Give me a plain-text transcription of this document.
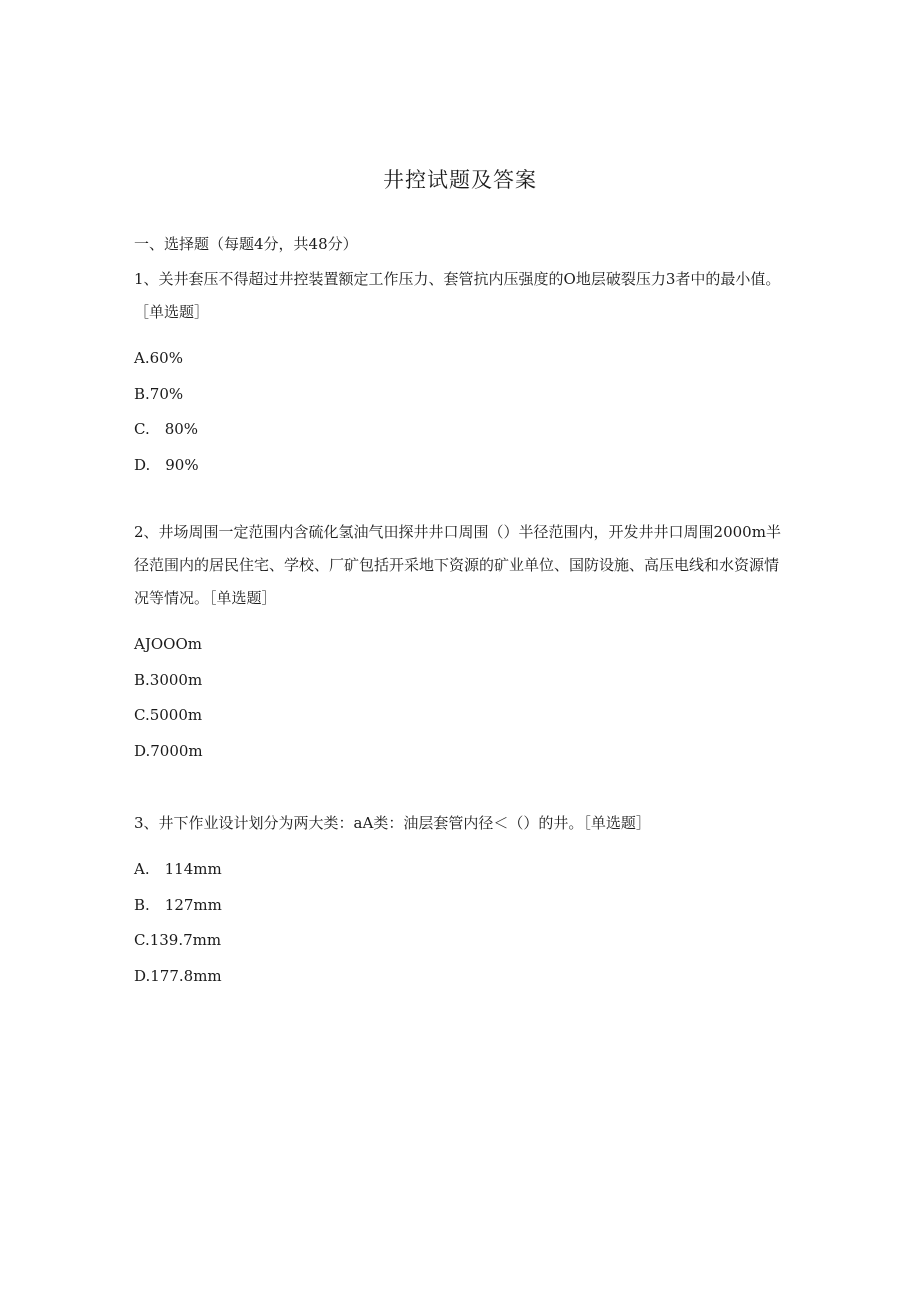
井控试题及答案
一、选择题（每题4分，共48分）
1、关井套压不得超过井控装置额定工作压力、套管抗内压强度的O地层破裂压力3者中的最小值。［单选题］
A.60%
B.70%
C.　80%
D.　90%
2、井场周围一定范围内含硫化氢油气田探井井口周围（）半径范围内，开发井井口周围2000m半径范围内的居民住宅、学校、厂矿包括开采地下资源的矿业单位、国防设施、高压电线和水资源情况等情况。［单选题］
AJOOOm
B.3000m
C.5000m
D.7000m
3、井下作业设计划分为两大类：aA类：油层套管内径＜（）的井。［单选题］
A.　114mm
B.　127mm
C.139.7mm
D.177.8mm
